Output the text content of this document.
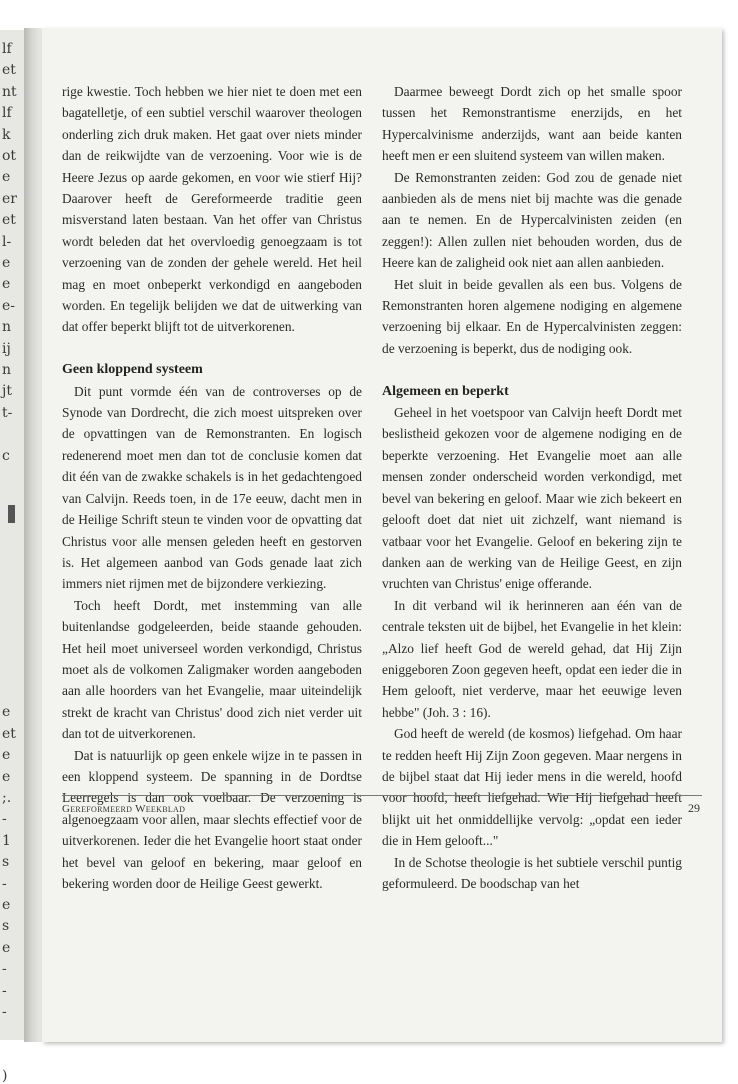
lf
et
nt
lf
k
ot
e
er
et
l-
e
e
e-
n
ij
n
jt
t-
c
e
et
e
e
;.
-
1
s
-
e
s
e
-
-
-
)

rige kwestie. Toch hebben we hier niet te doen met een bagatelletje, of een subtiel verschil waarover theologen onderling zich druk maken. Het gaat over niets minder dan de reikwijdte van de verzoening. Voor wie is de Heere Jezus op aarde gekomen, en voor wie stierf Hij? Daarover heeft de Gereformeerde traditie geen misverstand laten bestaan. Van het offer van Christus wordt beleden dat het overvloedig genoegzaam is tot verzoening van de zonden der gehele wereld. Het heil mag en moet onbeperkt verkondigd en aangeboden worden. En tegelijk belijden we dat de uitwerking van dat offer beperkt blijft tot de uitverkorenen.

Geen kloppend systeem

Dit punt vormde één van de controverses op de Synode van Dordrecht, die zich moest uitspreken over de opvattingen van de Remonstranten. En logisch redenerend moet men dan tot de conclusie komen dat dit één van de zwakke schakels is in het gedachtengoed van Calvijn. Reeds toen, in de 17e eeuw, dacht men in de Heilige Schrift steun te vinden voor de opvatting dat Christus voor alle mensen geleden heeft en gestorven is. Het algemeen aanbod van Gods genade laat zich immers niet rijmen met de bijzondere verkiezing.

Toch heeft Dordt, met instemming van alle buitenlandse godgeleerden, beide staande gehouden. Het heil moet universeel worden verkondigd, Christus moet als de volkomen Zaligmaker worden aangeboden aan alle hoorders van het Evangelie, maar uiteindelijk strekt de kracht van Christus' dood zich niet verder uit dan tot de uitverkorenen.

Dat is natuurlijk op geen enkele wijze in te passen in een kloppend systeem. De spanning in de Dordtse Leerregels is dan ook voelbaar. De verzoening is algenoegzaam voor allen, maar slechts effectief voor de uitverkorenen. Ieder die het Evangelie hoort staat onder het bevel van geloof en bekering, maar geloof en bekering worden door de Heilige Geest gewerkt.

Daarmee beweegt Dordt zich op het smalle spoor tussen het Remonstrantisme enerzijds, en het Hypercalvinisme anderzijds, want aan beide kanten heeft men er een sluitend systeem van willen maken.

De Remonstranten zeiden: God zou de genade niet aanbieden als de mens niet bij machte was die genade aan te nemen. En de Hypercalvinisten zeiden (en zeggen!): Allen zullen niet behouden worden, dus de Heere kan de zaligheid ook niet aan allen aanbieden.

Het sluit in beide gevallen als een bus. Volgens de Remonstranten horen algemene nodiging en algemene verzoening bij elkaar. En de Hypercalvinisten zeggen: de verzoening is beperkt, dus de nodiging ook.

Algemeen en beperkt

Geheel in het voetspoor van Calvijn heeft Dordt met beslistheid gekozen voor de algemene nodiging en de beperkte verzoening. Het Evangelie moet aan alle mensen zonder onderscheid worden verkondigd, met bevel van bekering en geloof. Maar wie zich bekeert en gelooft doet dat niet uit zichzelf, want niemand is vatbaar voor het Evangelie. Geloof en bekering zijn te danken aan de werking van de Heilige Geest, en zijn vruchten van Christus' enige offerande.

In dit verband wil ik herinneren aan één van de centrale teksten uit de bijbel, het Evangelie in het klein: „Alzo lief heeft God de wereld gehad, dat Hij Zijn eniggeboren Zoon gegeven heeft, opdat een ieder die in Hem gelooft, niet verderve, maar het eeuwige leven hebbe" (Joh. 3 : 16).

God heeft de wereld (de kosmos) liefgehad. Om haar te redden heeft Hij Zijn Zoon gegeven. Maar nergens in de bijbel staat dat Hij ieder mens in die wereld, hoofd voor hoofd, heeft liefgehad. Wie Hij liefgehad heeft blijkt uit het onmiddellijke vervolg: „opdat een ieder die in Hem gelooft..."

In de Schotse theologie is het subtiele verschil puntig geformuleerd. De boodschap van het

Gereformeerd Weekblad	29
